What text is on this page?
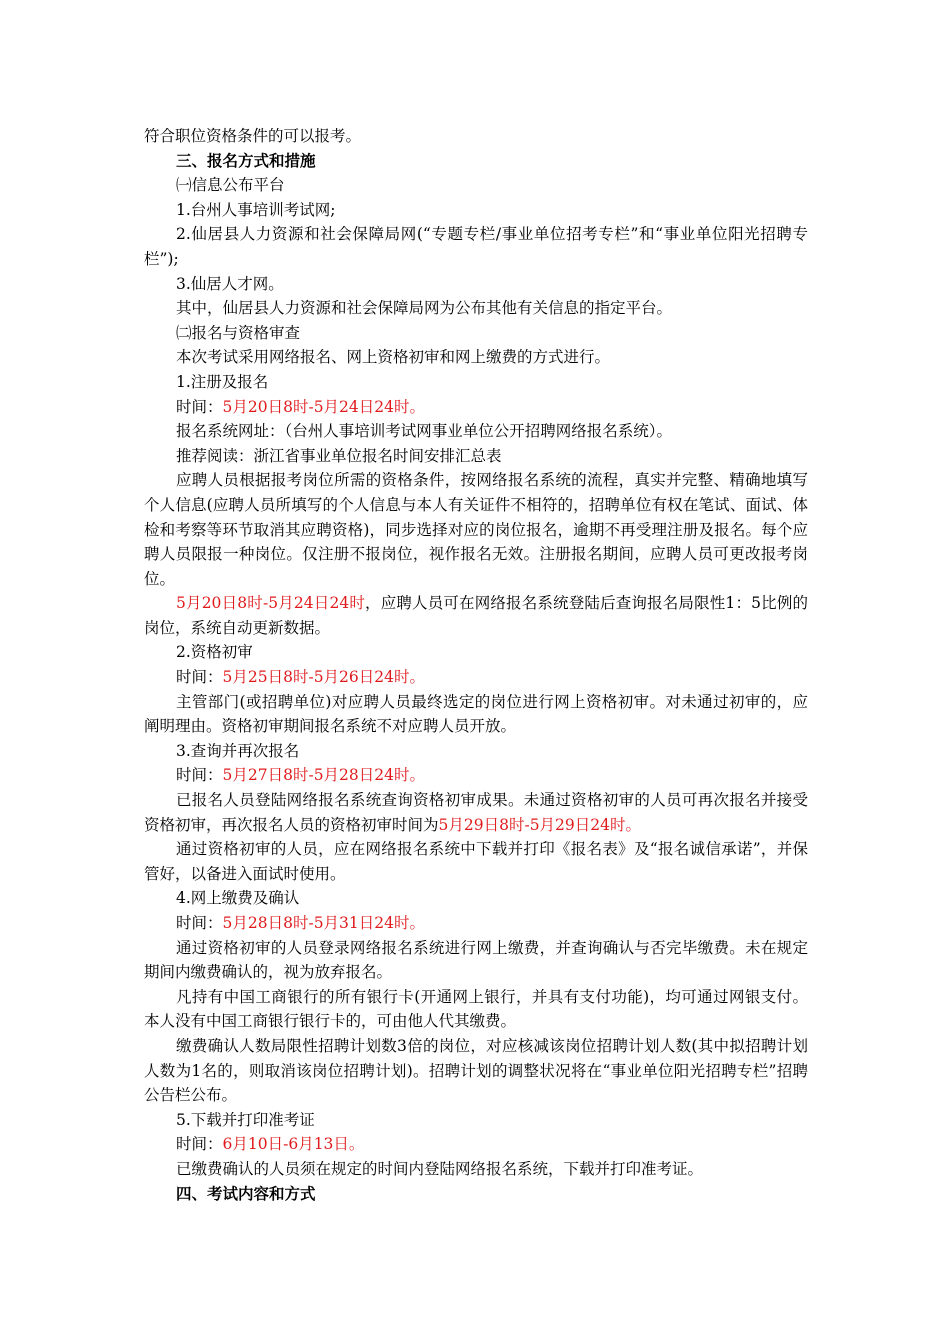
符合职位资格条件的可以报考。

三、报名方式和措施

㈠信息公布平台

1.台州人事培训考试网;

2.仙居县人力资源和社会保障局网(“专题专栏/事业单位招考专栏”和“事业单位阳光招聘专栏”);

3.仙居人才网。

其中，仙居县人力资源和社会保障局网为公布其他有关信息的指定平台。

㈡报名与资格审查

本次考试采用网络报名、网上资格初审和网上缴费的方式进行。

1.注册及报名

时间：5月20日8时-5月24日24时。

报名系统网址：（台州人事培训考试网事业单位公开招聘网络报名系统）。

推荐阅读：浙江省事业单位报名时间安排汇总表

应聘人员根据报考岗位所需的资格条件，按网络报名系统的流程，真实并完整、精确地填写个人信息(应聘人员所填写的个人信息与本人有关证件不相符的，招聘单位有权在笔试、面试、体检和考察等环节取消其应聘资格)，同步选择对应的岗位报名，逾期不再受理注册及报名。每个应聘人员限报一种岗位。仅注册不报岗位，视作报名无效。注册报名期间，应聘人员可更改报考岗位。

5月20日8时-5月24日24时，应聘人员可在网络报名系统登陆后查询报名局限性1：5比例的岗位，系统自动更新数据。

2.资格初审

时间：5月25日8时-5月26日24时。

主管部门(或招聘单位)对应聘人员最终选定的岗位进行网上资格初审。对未通过初审的，应阐明理由。资格初审期间报名系统不对应聘人员开放。

3.查询并再次报名

时间：5月27日8时-5月28日24时。

已报名人员登陆网络报名系统查询资格初审成果。未通过资格初审的人员可再次报名并接受资格初审，再次报名人员的资格初审时间为5月29日8时-5月29日24时。

通过资格初审的人员，应在网络报名系统中下载并打印《报名表》及“报名诚信承诺”，并保管好，以备进入面试时使用。

4.网上缴费及确认

时间：5月28日8时-5月31日24时。

通过资格初审的人员登录网络报名系统进行网上缴费，并查询确认与否完毕缴费。未在规定期间内缴费确认的，视为放弃报名。

凡持有中国工商银行的所有银行卡(开通网上银行，并具有支付功能)，均可通过网银支付。本人没有中国工商银行银行卡的，可由他人代其缴费。

缴费确认人数局限性招聘计划数3倍的岗位，对应核减该岗位招聘计划人数(其中拟招聘计划人数为1名的，则取消该岗位招聘计划)。招聘计划的调整状况将在“事业单位阳光招聘专栏”招聘公告栏公布。

5.下载并打印准考证

时间：6月10日-6月13日。

已缴费确认的人员须在规定的时间内登陆网络报名系统，下载并打印准考证。

四、考试内容和方式
